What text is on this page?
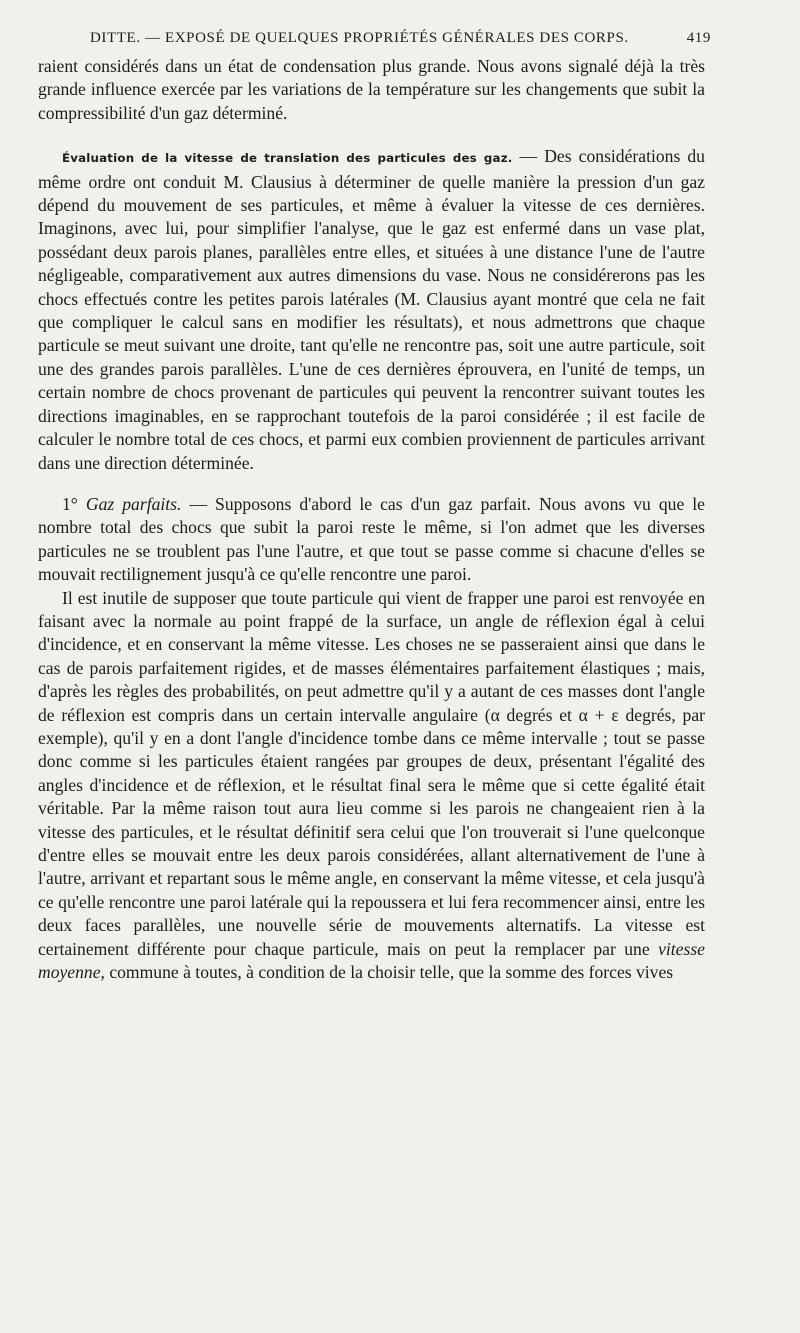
DITTE. — EXPOSÉ DE QUELQUES PROPRIÉTÉS GÉNÉRALES DES CORPS.	419

raient considérés dans un état de condensation plus grande. Nous avons signalé déjà la très grande influence exercée par les variations de la température sur les changements que subit la compressibilité d'un gaz déterminé.

Évaluation de la vitesse de translation des particules des gaz. — Des considérations du même ordre ont conduit M. Clausius à déterminer de quelle manière la pression d'un gaz dépend du mouvement de ses particules, et même à évaluer la vitesse de ces dernières. Imaginons, avec lui, pour simplifier l'analyse, que le gaz est enfermé dans un vase plat, possédant deux parois planes, parallèles entre elles, et situées à une distance l'une de l'autre négligeable, comparativement aux autres dimensions du vase. Nous ne considérerons pas les chocs effectués contre les petites parois latérales (M. Clausius ayant montré que cela ne fait que compliquer le calcul sans en modifier les résultats), et nous admettrons que chaque particule se meut suivant une droite, tant qu'elle ne rencontre pas, soit une autre particule, soit une des grandes parois parallèles. L'une de ces dernières éprouvera, en l'unité de temps, un certain nombre de chocs provenant de particules qui peuvent la rencontrer suivant toutes les directions imaginables, en se rapprochant toutefois de la paroi considérée ; il est facile de calculer le nombre total de ces chocs, et parmi eux combien proviennent de particules arrivant dans une direction déterminée.

1° Gaz parfaits. — Supposons d'abord le cas d'un gaz parfait. Nous avons vu que le nombre total des chocs que subit la paroi reste le même, si l'on admet que les diverses particules ne se troublent pas l'une l'autre, et que tout se passe comme si chacune d'elles se mouvait rectilignement jusqu'à ce qu'elle rencontre une paroi.

Il est inutile de supposer que toute particule qui vient de frapper une paroi est renvoyée en faisant avec la normale au point frappé de la surface, un angle de réflexion égal à celui d'incidence, et en conservant la même vitesse. Les choses ne se passeraient ainsi que dans le cas de parois parfaitement rigides, et de masses élémentaires parfaitement élastiques ; mais, d'après les règles des probabilités, on peut admettre qu'il y a autant de ces masses dont l'angle de réflexion est compris dans un certain intervalle angulaire (α degrés et α + ε degrés, par exemple), qu'il y en a dont l'angle d'incidence tombe dans ce même intervalle ; tout se passe donc comme si les particules étaient rangées par groupes de deux, présentant l'égalité des angles d'incidence et de réflexion, et le résultat final sera le même que si cette égalité était véritable. Par la même raison tout aura lieu comme si les parois ne changeaient rien à la vitesse des particules, et le résultat définitif sera celui que l'on trouverait si l'une quelconque d'entre elles se mouvait entre les deux parois considérées, allant alternativement de l'une à l'autre, arrivant et repartant sous le même angle, en conservant la même vitesse, et cela jusqu'à ce qu'elle rencontre une paroi latérale qui la repoussera et lui fera recommencer ainsi, entre les deux faces parallèles, une nouvelle série de mouvements alternatifs. La vitesse est certainement différente pour chaque particule, mais on peut la remplacer par une vitesse moyenne, commune à toutes, à condition de la choisir telle, que la somme des forces vives
